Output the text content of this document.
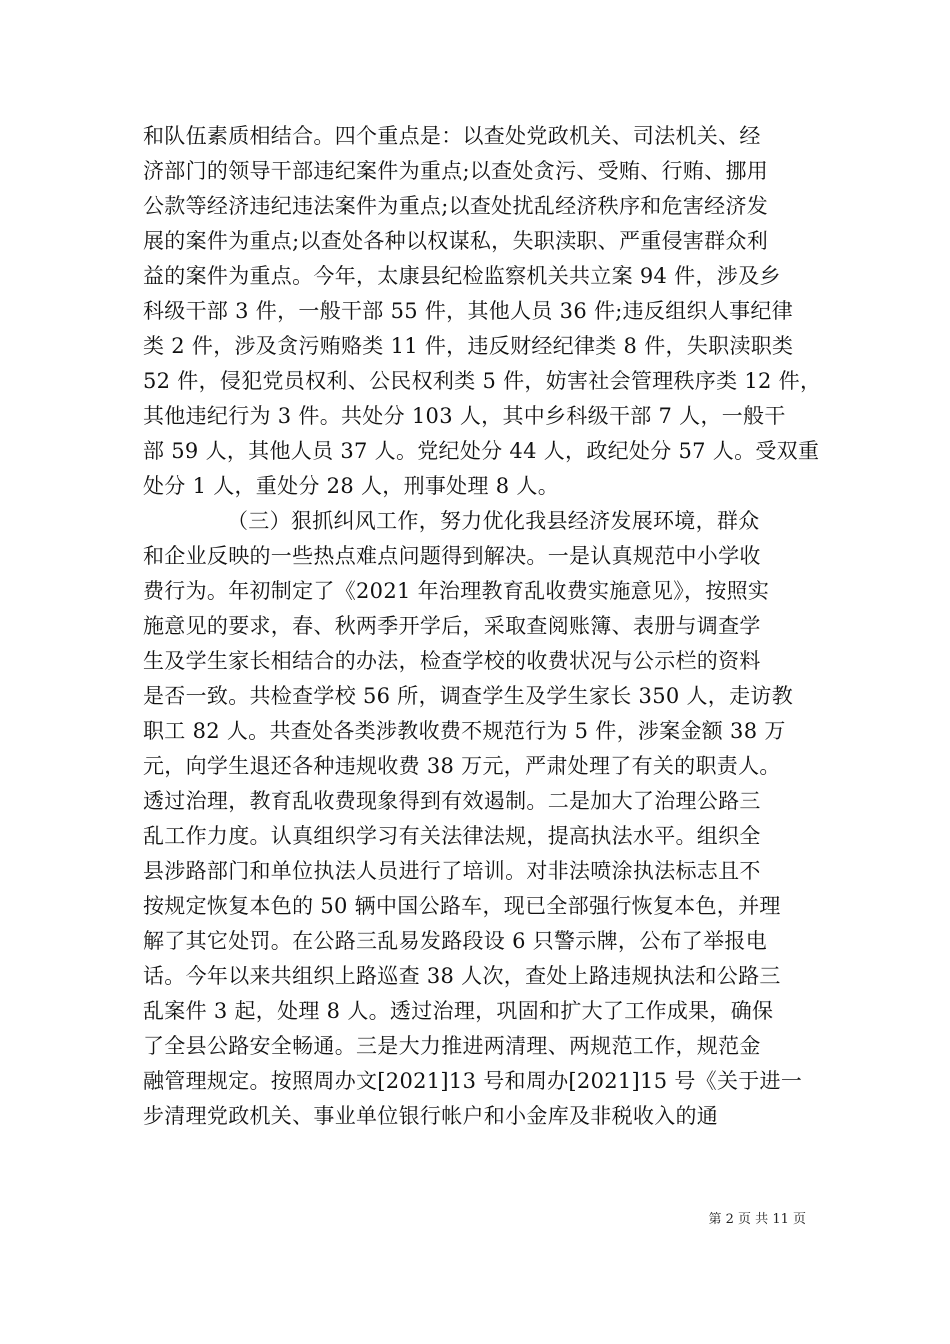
和队伍素质相结合。四个重点是：以查处党政机关、司法机关、经
济部门的领导干部违纪案件为重点;以查处贪污、受贿、行贿、挪用
公款等经济违纪违法案件为重点;以查处扰乱经济秩序和危害经济发
展的案件为重点;以查处各种以权谋私，失职渎职、严重侵害群众利
益的案件为重点。今年，太康县纪检监察机关共立案 94 件，涉及乡
科级干部 3 件，一般干部 55 件，其他人员 36 件;违反组织人事纪律
类 2 件，涉及贪污贿赂类 11 件，违反财经纪律类 8 件，失职渎职类
52 件，侵犯党员权利、公民权利类 5 件，妨害社会管理秩序类 12 件，
其他违纪行为 3 件。共处分 103 人，其中乡科级干部 7 人，一般干
部 59 人，其他人员 37 人。党纪处分 44 人，政纪处分 57 人。受双重
处分 1 人，重处分 28 人，刑事处理 8 人。
（三）狠抓纠风工作，努力优化我县经济发展环境，群众
和企业反映的一些热点难点问题得到解决。一是认真规范中小学收
费行为。年初制定了《2021 年治理教育乱收费实施意见》，按照实
施意见的要求，春、秋两季开学后，采取查阅账簿、表册与调查学
生及学生家长相结合的办法，检查学校的收费状况与公示栏的资料
是否一致。共检查学校 56 所，调查学生及学生家长 350 人，走访教
职工 82 人。共查处各类涉教收费不规范行为 5 件，涉案金额 38 万
元，向学生退还各种违规收费 38 万元，严肃处理了有关的职责人。
透过治理，教育乱收费现象得到有效遏制。二是加大了治理公路三
乱工作力度。认真组织学习有关法律法规，提高执法水平。组织全
县涉路部门和单位执法人员进行了培训。对非法喷涂执法标志且不
按规定恢复本色的 50 辆中国公路车，现已全部强行恢复本色，并理
解了其它处罚。在公路三乱易发路段设 6 只警示牌，公布了举报电
话。今年以来共组织上路巡查 38 人次，查处上路违规执法和公路三
乱案件 3 起，处理 8 人。透过治理，巩固和扩大了工作成果，确保
了全县公路安全畅通。三是大力推进两清理、两规范工作，规范金
融管理规定。按照周办文[2021]13 号和周办[2021]15 号《关于进一
步清理党政机关、事业单位银行帐户和小金库及非税收入的通
第 2 页 共 11 页
